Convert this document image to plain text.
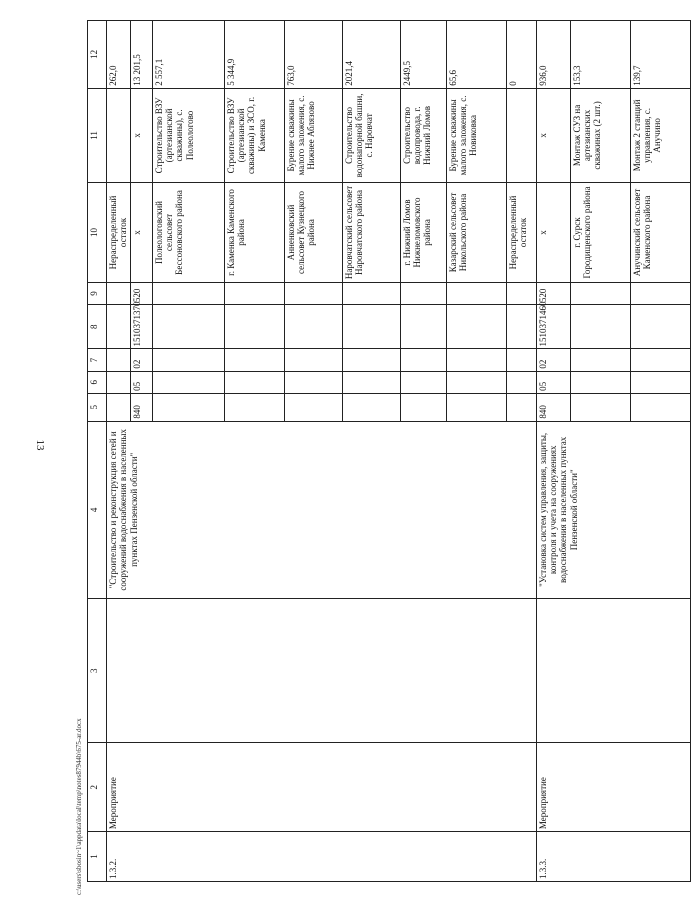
13
c:\users\sbosin~1\appdata\local\temp\notes87944b\675-ar.docx 1	2	3	4	5	6	7	8	9	10	11	12
1.3.2.	Мероприятие		"Строительство и реконструкция сетей и сооружений водоснабжения в населенных пунктах Пензенской области"						Нераспределенный остаток		262,0
				840	05	02	1510371370	520	х	х	13 201,5
									Полеологовский сельсовет Бессоновского района	Строительство ВЗУ (артезианской скважины), с. Полеологово	2 557,1
									г. Каменка Каменского района	Строительство ВЗУ (артезианской скважины) и ЗСО, г. Каменка	5 344,9
									Анненковский сельсовет Кузнецкого района	Бурение скважины малого заложения, с. Нижнее Аблязово	763,0
									Наровчатский сельсовет Наровчатского района	Строительство водонапорной башни, с. Наровчат	2021,4
									г. Нижний Ломов Нижнеломовского района	Строительство водопровода, г. Нижний Ломов	2449,5
									Казарский сельсовет Никольского района	Бурение скважины малого заложения, с. Новиковка	65,6
									Нераспределенный остаток		0
1.3.3.	Мероприятие		"Установка систем управления, защиты, контроля и учета на сооружениях водоснабжения в населенных пунктах Пензенской области"	840	05	02	1510371460	520	х	х	936,0
									г. Сурск Городищенского района	Монтаж СУЗ на артезианских скважинах (2 шт.)	153,3
									Анучинский сельсовет Каменского района	Монтаж 2 станций управления, с. Анучино	139,7
